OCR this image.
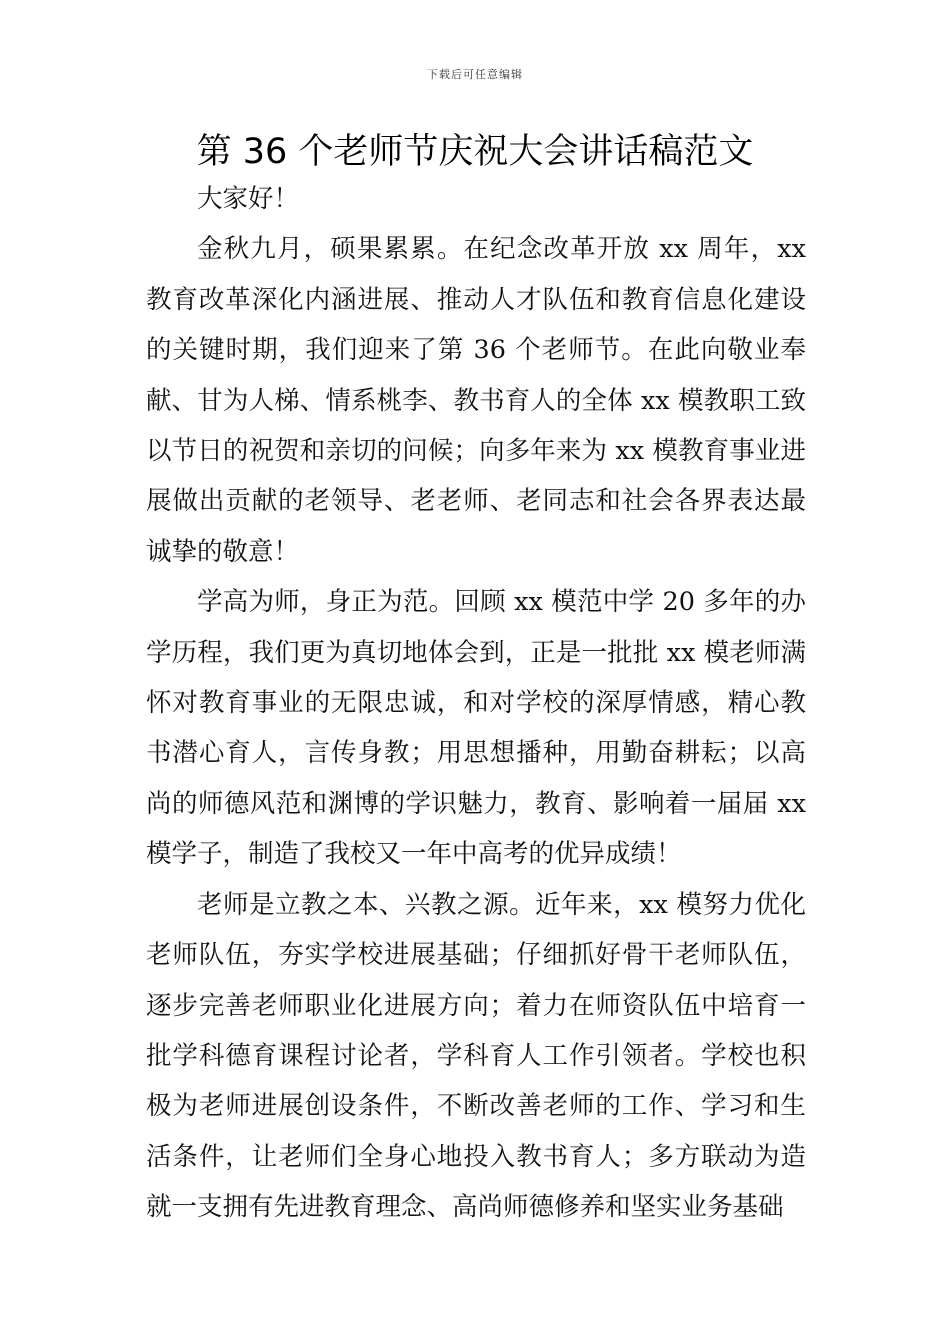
下载后可任意编辑
第 36 个老师节庆祝大会讲话稿范文

大家好！

金秋九月，硕果累累。在纪念改革开放 xx 周年，xx 教育改革深化内涵进展、推动人才队伍和教育信息化建设的关键时期，我们迎来了第 36 个老师节。在此向敬业奉献、甘为人梯、情系桃李、教书育人的全体 xx 模教职工致以节日的祝贺和亲切的问候；向多年来为 xx 模教育事业进展做出贡献的老领导、老老师、老同志和社会各界表达最诚挚的敬意！

学高为师，身正为范。回顾 xx 模范中学 20 多年的办学历程，我们更为真切地体会到，正是一批批 xx 模老师满怀对教育事业的无限忠诚，和对学校的深厚情感，精心教书潜心育人，言传身教；用思想播种，用勤奋耕耘；以高尚的师德风范和渊博的学识魅力，教育、影响着一届届 xx 模学子，制造了我校又一年中高考的优异成绩！

老师是立教之本、兴教之源。近年来，xx 模努力优化老师队伍，夯实学校进展基础；仔细抓好骨干老师队伍，逐步完善老师职业化进展方向；着力在师资队伍中培育一批学科德育课程讨论者，学科育人工作引领者。学校也积极为老师进展创设条件，不断改善老师的工作、学习和生活条件，让老师们全身心地投入教书育人；多方联动为造就一支拥有先进教育理念、高尚师德修养和坚实业务基础
